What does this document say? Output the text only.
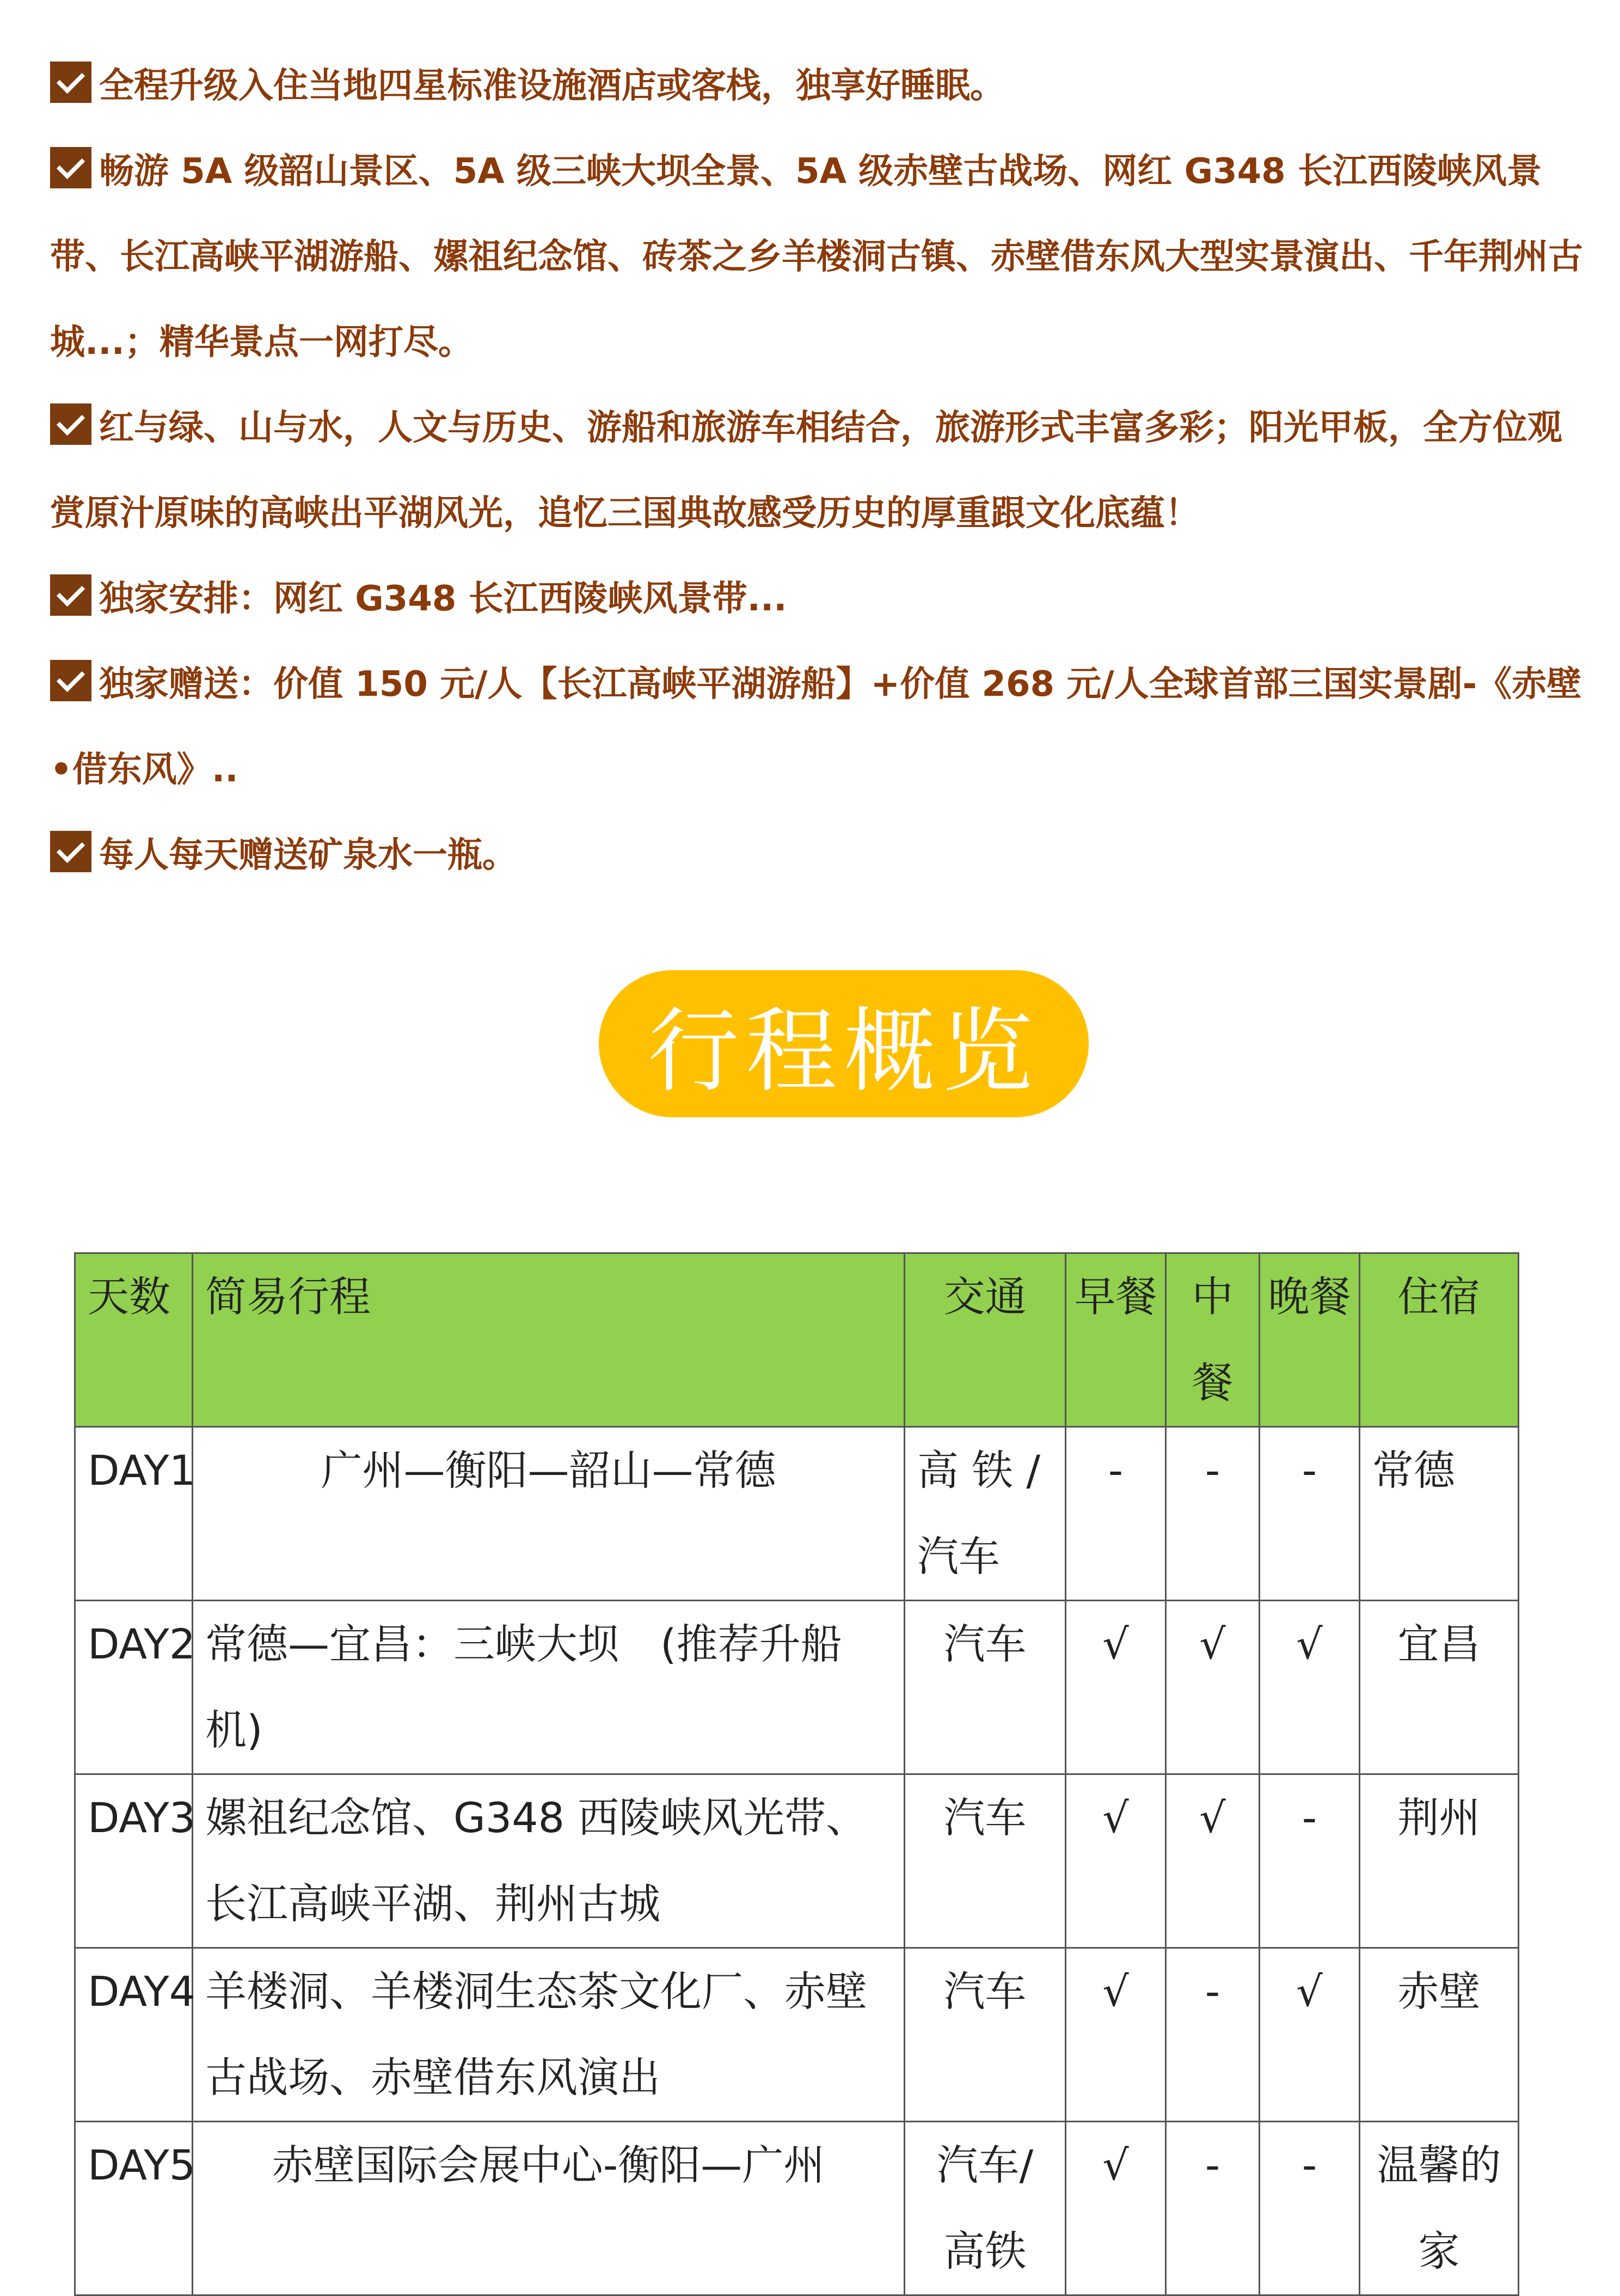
全程升级入住当地四星标准设施酒店或客栈，独享好睡眠。

畅游 5A 级韶山景区、5A 级三峡大坝全景、5A 级赤壁古战场、网红 G348 长江西陵峡风景带、长江高峡平湖游船、嫘祖纪念馆、砖茶之乡羊楼洞古镇、赤壁借东风大型实景演出、千年荆州古城...；精华景点一网打尽。

红与绿、山与水，人文与历史、游船和旅游车相结合，旅游形式丰富多彩；阳光甲板，全方位观赏原汁原味的高峡出平湖风光，追忆三国典故感受历史的厚重跟文化底蕴！

独家安排：网红 G348 长江西陵峡风景带...

独家赠送：价值 150 元/人【长江高峡平湖游船】+价值 268 元/人全球首部三国实景剧-《赤壁•借东风》..

每人每天赠送矿泉水一瓶。

行程概览
天数	简易行程	交通	早餐	中餐	晚餐	住宿
DAY1	广州—衡阳—韶山—常德	高 铁 / 汽车	-	-	-	常德
DAY2	常德—宜昌：三峡大坝　(推荐升船机)	汽车	√	√	√	宜昌
DAY3	嫘祖纪念馆、G348 西陵峡风光带、长江高峡平湖、荆州古城	汽车	√	√	-	荆州
DAY4	羊楼洞、羊楼洞生态茶文化厂、赤壁古战场、赤壁借东风演出	汽车	√	-	√	赤壁
DAY5	赤壁国际会展中心-衡阳—广州	汽车/高铁	√	-	-	温馨的家
